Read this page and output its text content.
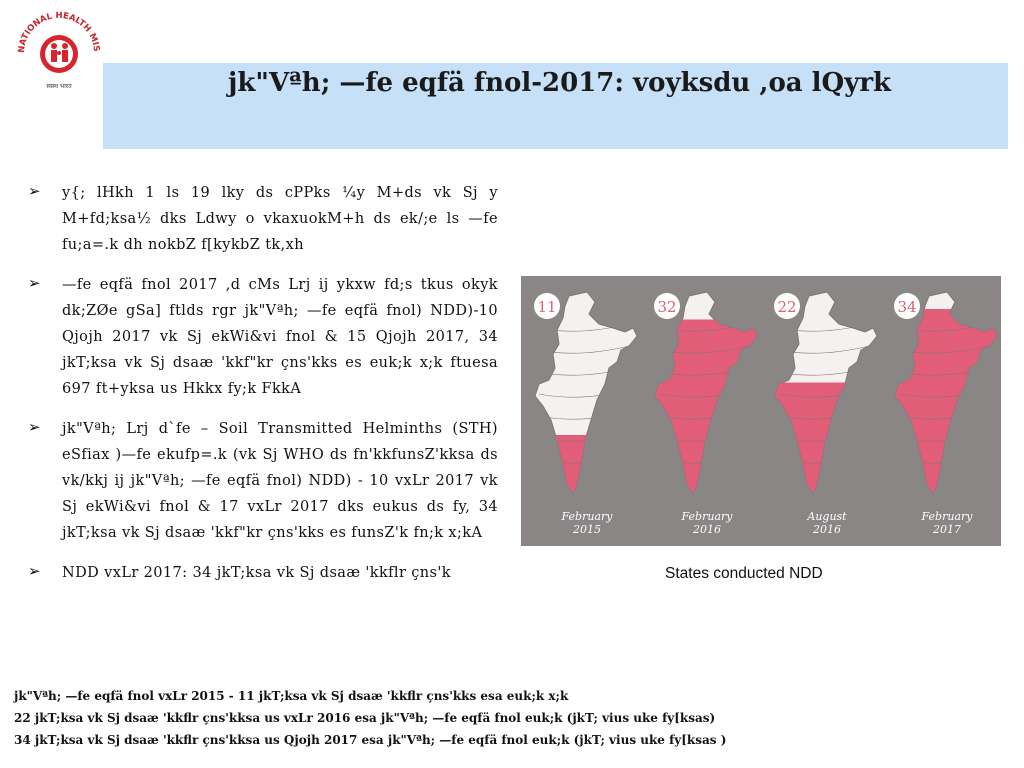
NATIONAL HEALTH MIS
स्वस्थ भारत	jk"Vªh; —fe eqfä fnol-2017: voyksdu ,oa lQyrk
➢ y{; lHkh 1 ls 19 lky ds cPPks ¼y M+ds vk Sj y M+fd;ksa½ dks Ldwy o vkaxuokM+h ds ek/;e ls —fe fu;a=.k dh nokbZ f[kykbZ tk,xh
➢ —fe eqfä fnol 2017 ,d cMs Lrj ij ykxw fd;s tkus okyk dk;ZØe gSa] ftlds rgr jk"Vªh; —fe eqfä fnol) NDD)-10 Qjojh 2017 vk Sj ekWi&vi fnol & 15 Qjojh 2017, 34 jkT;ksa vk Sj dsaæ 'kkf"kr çns'kks es euk;k x;k ftuesa 697 ft+yksa us Hkkx fy;k FkkA
➢ jk"Vªh; Lrj d`fe – Soil Transmitted Helminths (STH) eSfiax )—fe ekufp=.k (vk Sj WHO ds fn'kkfunsZ'kksa ds vk/kkj ij jk"Vªh; —fe eqfä fnol) NDD) - 10 vxLr 2017 vk Sj ekWi&vi fnol & 17 vxLr 2017 dks eukus ds fy, 34 jkT;ksa vk Sj dsaæ 'kkf"kr çns'kks es funsZ'k fn;k x;kA
➢ NDD vxLr 2017: 34 jkT;ksa vk Sj dsaæ 'kkflr çns'k
11
February 2015
32
February 2016
22
August 2016
34
February 2017
States conducted NDD
jk"Vªh; —fe eqfä fnol vxLr 2015 - 11 jkT;ksa vk Sj dsaæ 'kkflr çns'kks esa euk;k x;k
22 jkT;ksa vk Sj dsaæ 'kkflr çns'kksa us vxLr 2016 esa jk"Vªh; —fe eqfä fnol euk;k (jkT; vius uke fy[ksas)
34 jkT;ksa vk Sj dsaæ 'kkflr çns'kksa us Qjojh 2017 esa jk"Vªh; —fe eqfä fnol euk;k (jkT; vius uke fy[ksas )
